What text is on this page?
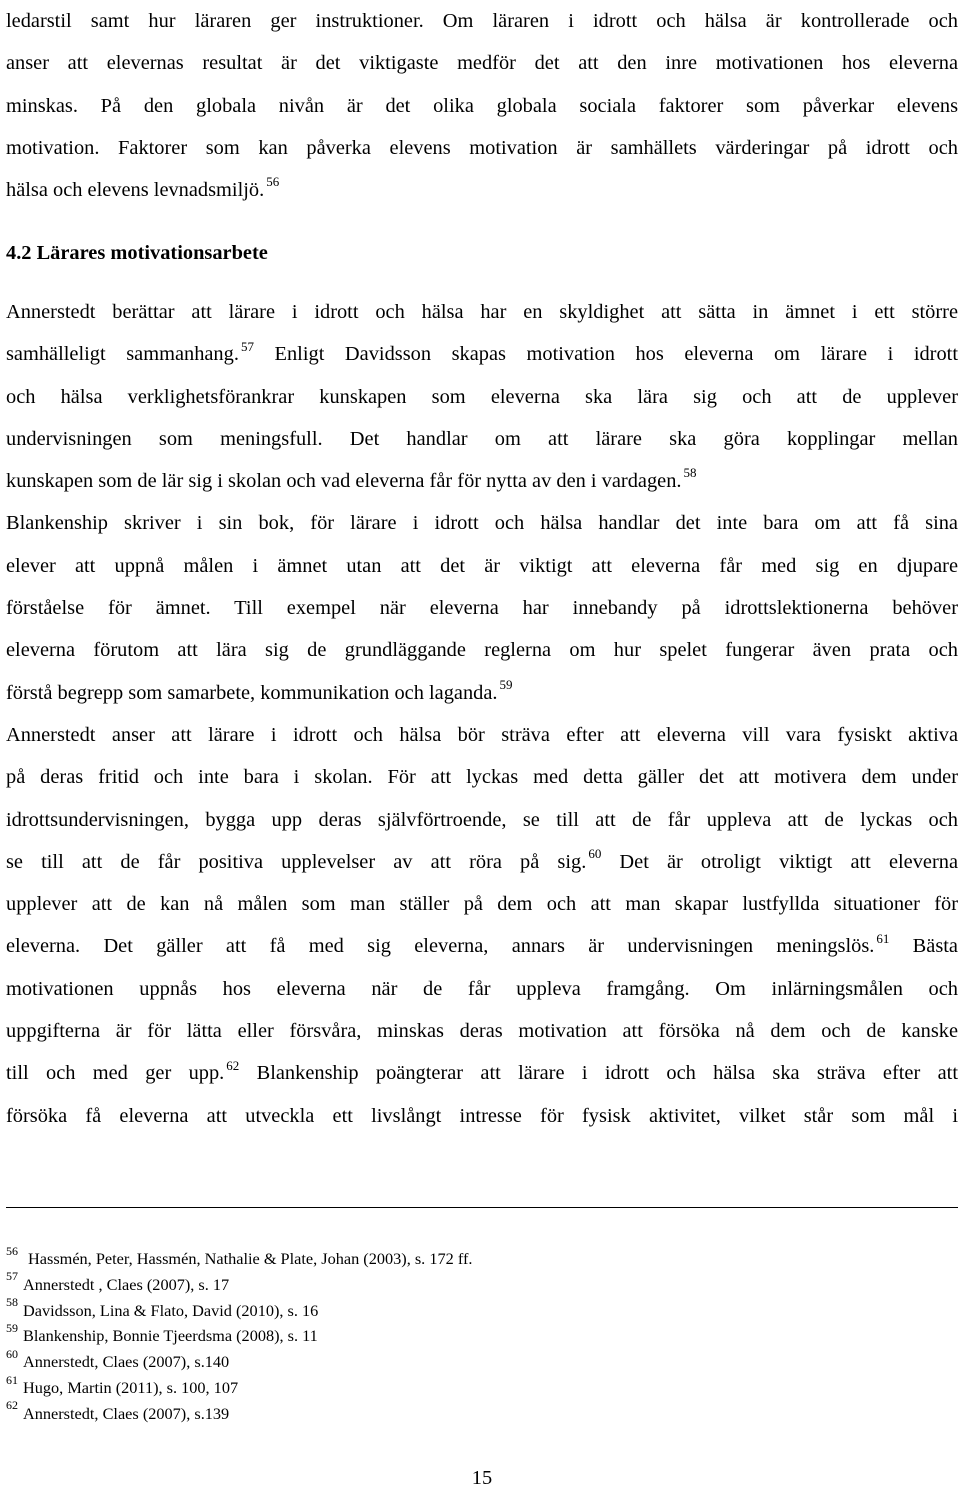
ledarstil samt hur läraren ger instruktioner. Om läraren i idrott och hälsa är kontrollerade och
anser att elevernas resultat är det viktigaste medför det att den inre motivationen hos eleverna
minskas. På den globala nivån är det olika globala sociala faktorer som påverkar elevens
motivation. Faktorer som kan påverka elevens motivation är samhällets värderingar på idrott och
hälsa och elevens levnadsmiljö. $^{56}$
4.2 Lärares motivationsarbete
Annerstedt berättar att lärare i idrott och hälsa har en skyldighet att sätta in ämnet i ett större
samhälleligt sammanhang. $^{57}$ Enligt Davidsson skapas motivation hos eleverna om lärare i idrott
och hälsa verklighetsförankrar kunskapen som eleverna ska lära sig och att de upplever
undervisningen som meningsfull. Det handlar om att lärare ska göra kopplingar mellan
kunskapen som de lär sig i skolan och vad eleverna får för nytta av den i vardagen. $^{58}$
Blankenship skriver i sin bok, för lärare i idrott och hälsa handlar det inte bara om att få sina
elever att uppnå målen i ämnet utan att det är viktigt att eleverna får med sig en djupare
förståelse för ämnet. Till exempel när eleverna har innebandy på idrottslektionerna behöver
eleverna förutom att lära sig de grundläggande reglerna om hur spelet fungerar även prata och
förstå begrepp som samarbete, kommunikation och laganda. $^{59}$
Annerstedt anser att lärare i idrott och hälsa bör sträva efter att eleverna vill vara fysiskt aktiva
på deras fritid och inte bara i skolan. För att lyckas med detta gäller det att motivera dem under
idrottsundervisningen, bygga upp deras självförtroende, se till att de får uppleva att de lyckas och
se till att de får positiva upplevelser av att röra på sig. $^{60}$ Det är otroligt viktigt att eleverna
upplever att de kan nå målen som man ställer på dem och att man skapar lustfyllda situationer för
eleverna. Det gäller att få med sig eleverna, annars är undervisningen meningslös. $^{61}$ Bästa
motivationen uppnås hos eleverna när de får uppleva framgång. Om inlärningsmålen och
uppgifterna är för lätta eller försvåra, minskas deras motivation att försöka nå dem och de kanske
till och med ger upp. $^{62}$ Blankenship poängterar att lärare i idrott och hälsa ska sträva efter att
försöka få eleverna att utveckla ett livslångt intresse för fysisk aktivitet, vilket står som mål i
$^{56}$ Hassmén, Peter, Hassmén, Nathalie & Plate, Johan (2003), s. 172 ff.
$^{57}$ Annerstedt , Claes (2007), s. 17
$^{58}$ Davidsson, Lina & Flato, David (2010), s. 16
$^{59}$ Blankenship, Bonnie Tjeerdsma (2008), s. 11
$^{60}$ Annerstedt, Claes (2007), s.140
$^{61}$ Hugo, Martin (2011), s. 100, 107
$^{62}$ Annerstedt, Claes (2007), s.139
15
